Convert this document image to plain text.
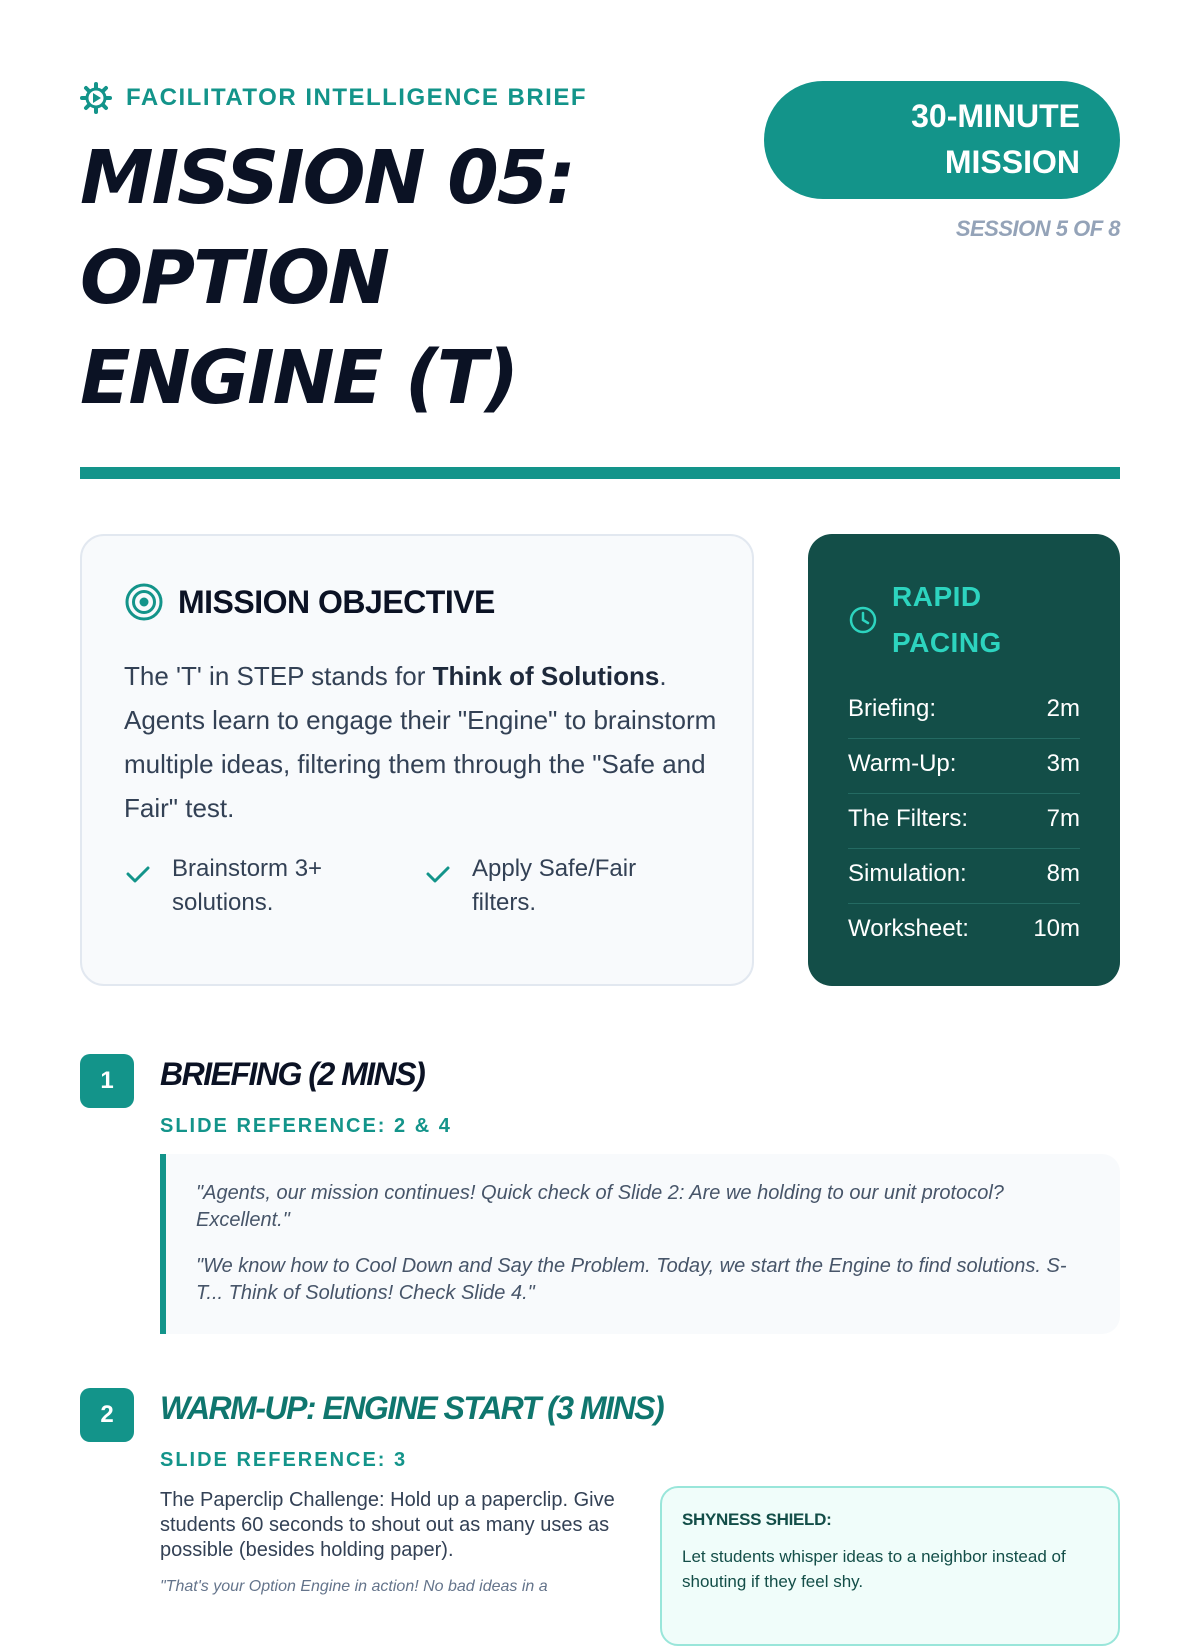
FACILITATOR INTELLIGENCE BRIEF
MISSION 05:
OPTION
ENGINE (T)
30-MINUTE MISSION
SESSION 5 OF 8
MISSION OBJECTIVE
The 'T' in STEP stands for Think of Solutions. Agents learn to engage their "Engine" to brainstorm multiple ideas, filtering them through the "Safe and Fair" test.
Brainstorm 3+ solutions.
Apply Safe/Fair filters.
RAPID PACING
Briefing:	2m
Warm-Up:	3m
The Filters:	7m
Simulation:	8m
Worksheet:	10m
1	BRIEFING (2 MINS)
SLIDE REFERENCE: 2 & 4

"Agents, our mission continues! Quick check of Slide 2: Are we holding to our unit protocol? Excellent."

"We know how to Cool Down and Say the Problem. Today, we start the Engine to find solutions. S-T... Think of Solutions! Check Slide 4."

2	WARM-UP: ENGINE START (3 MINS)
SLIDE REFERENCE: 3
The Paperclip Challenge: Hold up a paperclip. Give students 60 seconds to shout out as many uses as possible (besides holding paper).
"That's your Option Engine in action! No bad ideas in a
SHYNESS SHIELD:
Let students whisper ideas to a neighbor instead of shouting if they feel shy.
